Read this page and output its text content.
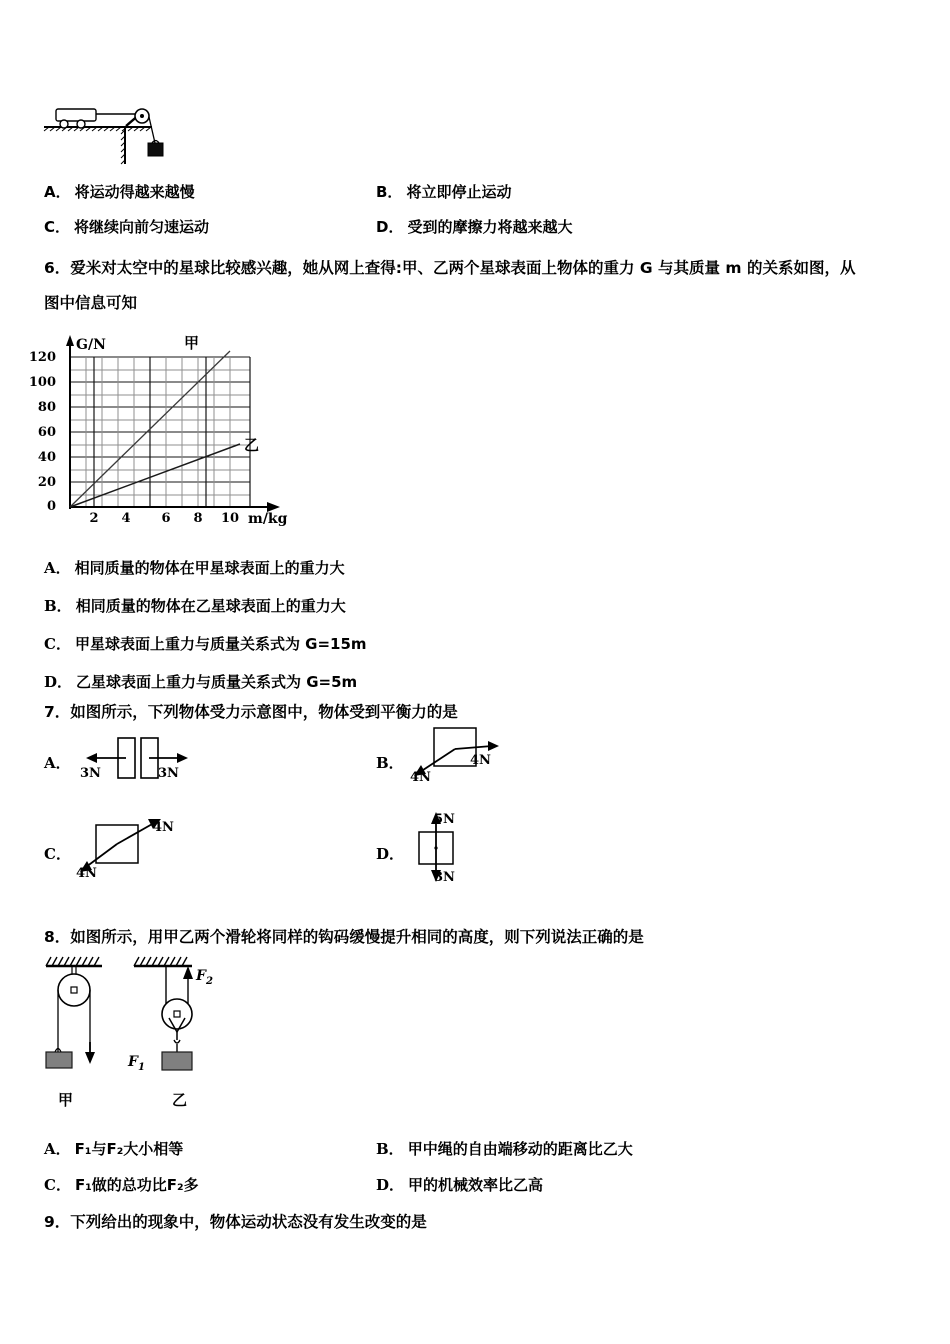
A． 将运动得越来越慢	B． 将立即停止运动
C． 将继续向前匀速运动	D． 受到的摩擦力将越来越大
6．爱米对太空中的星球比较感兴趣，她从网上查得:甲、乙两个星球表面上物体的重力 G 与其质量 m 的关系如图，从
图中信息可知
120
100
80
60
40
20
0
2 4 6 8 10
G/N
m/kg
甲
乙
A． 相同质量的物体在甲星球表面上的重力大
B． 相同质量的物体在乙星球表面上的重力大
C． 甲星球表面上重力与质量关系式为 G=15m
D． 乙星球表面上重力与质量关系式为 G=5m
7．如图所示，下列物体受力示意图中，物体受到平衡力的是
A．
3N	3N
B．
4N
4N
C．
4N
4N
D．
5N
3N
8．如图所示，用甲乙两个滑轮将同样的钩码缓慢提升相同的高度，则下列说法正确的是
$F_1$
$F_2$
甲	乙
A． F₁与F₂大小相等	B． 甲中绳的自由端移动的距离比乙大
C． F₁做的总功比F₂多	D． 甲的机械效率比乙高
9．下列给出的现象中，物体运动状态没有发生改变的是
